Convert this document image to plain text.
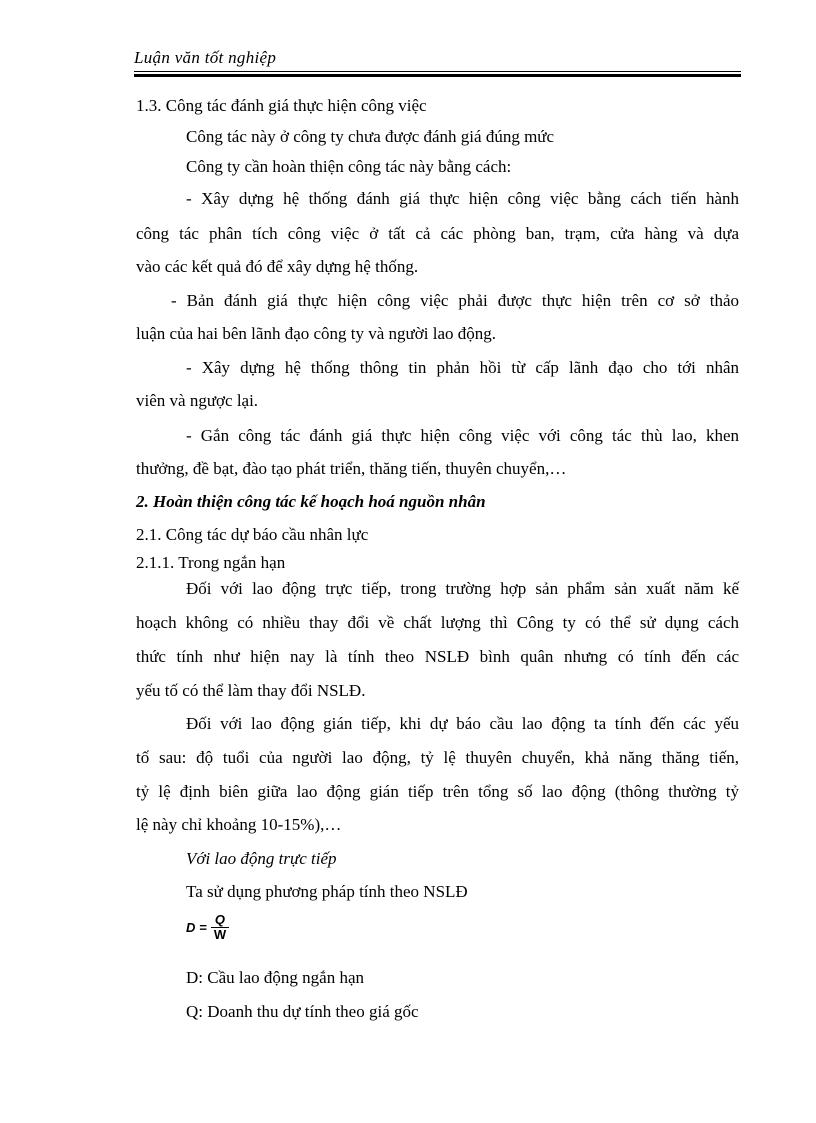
Luận văn tốt nghiệp
1.3. Công tác đánh giá thực hiện công việc
Công tác này ở công ty chưa được đánh giá đúng mức
Công ty cần hoàn thiện công tác này bằng cách:
- Xây dựng hệ thống đánh giá thực hiện công việc bằng cách tiến hành
công tác phân tích công việc ở tất cả các phòng ban, trạm, cửa hàng và dựa
vào các kết quả đó để xây dựng hệ thống.
- Bản đánh giá thực hiện công việc phải được thực hiện trên cơ sở thảo
luận của hai bên lãnh đạo công ty và người lao động.
- Xây dựng hệ thống thông tin phản hồi từ cấp lãnh đạo cho tới nhân
viên và ngược lại.
- Gắn công tác đánh giá thực hiện công việc với công tác thù lao, khen
thưởng, đề bạt, đào tạo phát triển, thăng tiến, thuyên chuyển,…
2. Hoàn thiện công tác kế hoạch hoá nguồn nhân
2.1. Công tác dự báo cầu nhân lực
2.1.1. Trong ngắn hạn
Đối với lao động trực tiếp, trong trường hợp sản phẩm sản xuất năm kế
hoạch không có nhiều thay đổi về chất lượng thì Công ty có thể sử dụng cách
thức tính như hiện nay là tính theo NSLĐ bình quân nhưng có tính đến các
yếu tố có thể làm thay đổi NSLĐ.
Đối với lao động gián tiếp, khi dự báo cầu lao động ta tính đến các yếu
tố sau: độ tuổi của người lao động, tỷ lệ thuyên chuyển, khả năng thăng tiến,
tỷ lệ định biên giữa lao động gián tiếp trên tổng số lao động (thông thường tỷ
lệ này chỉ khoảng 10-15%),…
Với lao động trực tiếp
Ta sử dụng phương pháp tính theo NSLĐ
$D = \frac{Q}{W}$
D: Cầu lao động ngắn hạn
Q: Doanh thu dự tính theo giá gốc
